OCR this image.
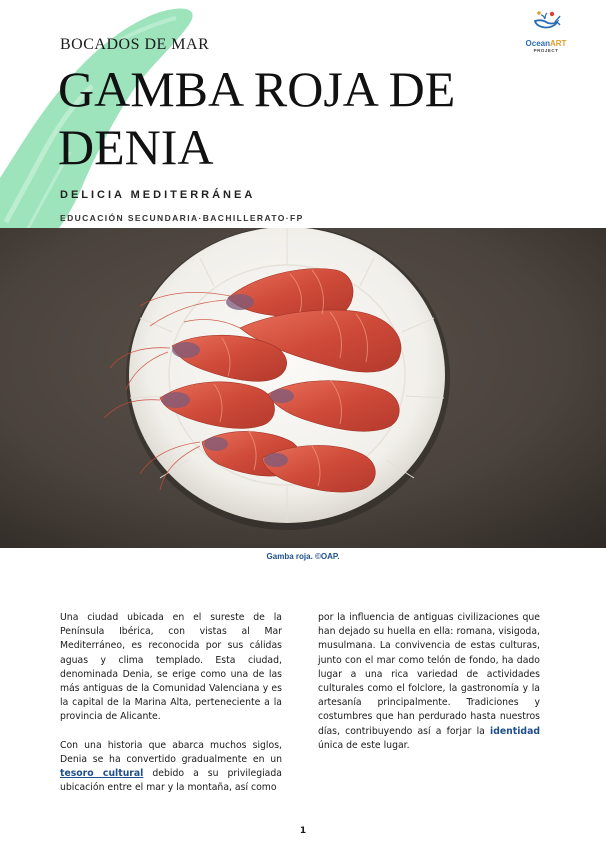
BOCADOS DE MAR
GAMBA ROJA DE DENIA
DELICIA MEDITERRÁNEA
EDUCACIÓN SECUNDARIA·BACHILLERATO·FP
OceanART
PROJECT
Gamba roja. ©OAP.

Una ciudad ubicada en el sureste de la Península Ibérica, con vistas al Mar Mediterráneo, es reconocida por sus cálidas aguas y clima templado. Esta ciudad, denominada Denia, se erige como una de las más antiguas de la Comunidad Valenciana y es la capital de la Marina Alta, perteneciente a la provincia de Alicante.

Con una historia que abarca muchos siglos, Denia se ha convertido gradualmente en un tesoro cultural debido a su privilegiada ubicación entre el mar y la montaña, así como

por la influencia de antiguas civilizaciones que han dejado su huella en ella: romana, visigoda, musulmana. La convivencia de estas culturas, junto con el mar como telón de fondo, ha dado lugar a una rica variedad de actividades culturales como el folclore, la gastronomía y la artesanía principalmente. Tradiciones y costumbres que han perdurado hasta nuestros días, contribuyendo así a forjar la identidad única de este lugar.

1
